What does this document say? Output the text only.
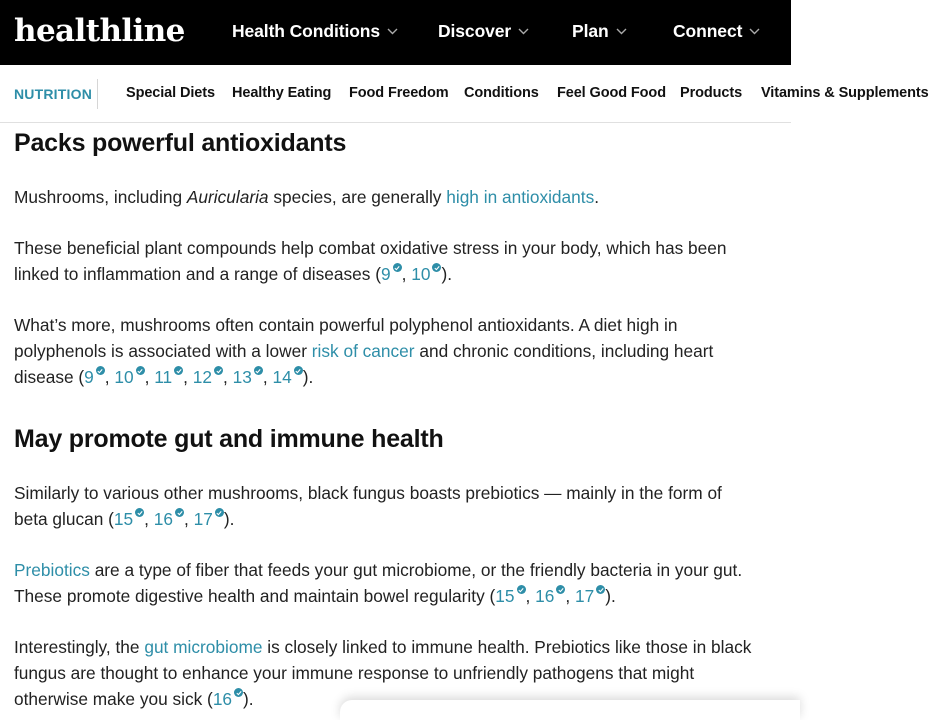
healthline	Health Conditions	Discover	Plan	Connect
NUTRITION Special Diets Healthy Eating Food Freedom Conditions Feel Good Food Products Vitamins & Supplements
Packs powerful antioxidants

Mushrooms, including Auricularia species, are generally high in antioxidants.

These beneficial plant compounds help combat oxidative stress in your body, which has been linked to inflammation and a range of diseases (9 , 10 ).

What’s more, mushrooms often contain powerful polyphenol antioxidants. A diet high in polyphenols is associated with a lower risk of cancer and chronic conditions, including heart disease (9 , 10 , 11 , 12 , 13 , 14 ).

May promote gut and immune health

Similarly to various other mushrooms, black fungus boasts prebiotics — mainly in the form of beta glucan (15 , 16 , 17 ).

Prebiotics are a type of fiber that feeds your gut microbiome, or the friendly bacteria in your gut. These promote digestive health and maintain bowel regularity (15 , 16 , 17 ).

Interestingly, the gut microbiome is closely linked to immune health. Prebiotics like those in black fungus are thought to enhance your immune response to unfriendly pathogens that might otherwise make you sick (16 ).
